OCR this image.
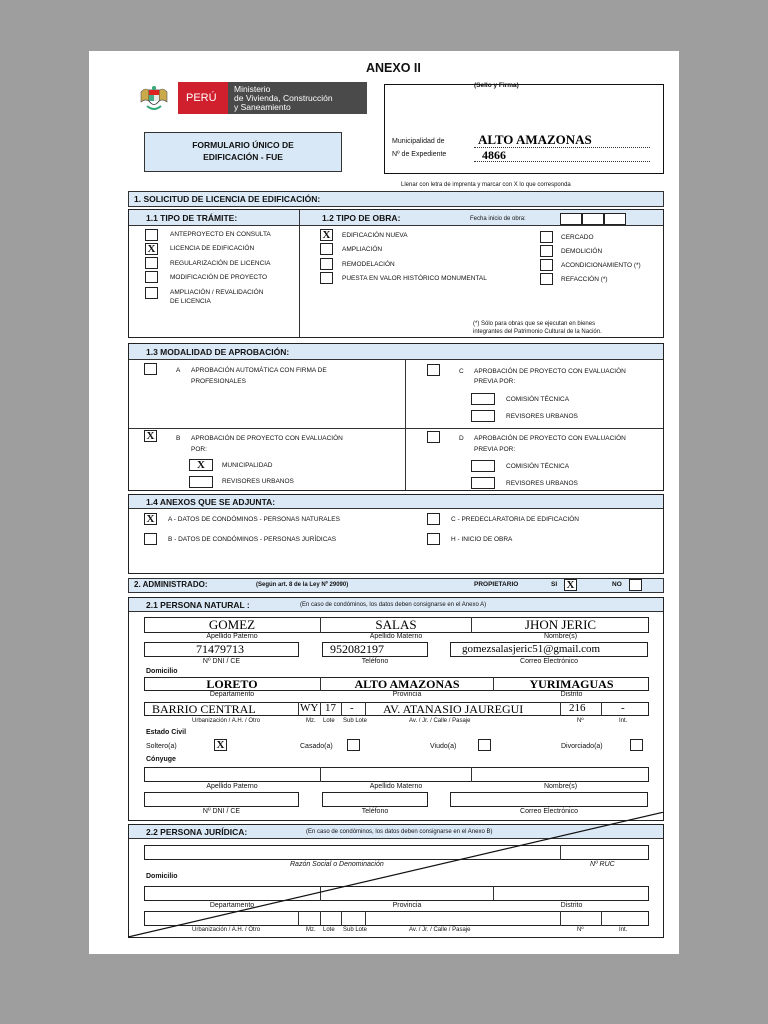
ANEXO II
PERÚ
Ministerio
de Vivienda, Construcción
y Saneamiento
(Sello y Firma)
FORMULARIO ÚNICO DE
EDIFICACIÓN - FUE
Municipalidad de	ALTO AMAZONAS
Nº de Expediente	4866
Llenar con letra de imprenta y marcar con X lo que corresponda
1. SOLICITUD DE LICENCIA DE EDIFICACIÓN:
1.1 TIPO DE TRÁMITE:	1.2 TIPO DE OBRA:	Fecha inicio de obra:
ANTEPROYECTO EN CONSULTA
X	LICENCIA DE EDIFICACIÓN
REGULARIZACIÓN DE LICENCIA
MODIFICACIÓN DE PROYECTO
AMPLIACIÓN / REVALIDACIÓN
DE LICENCIA
X	EDIFICACIÓN NUEVA
AMPLIACIÓN
REMODELACIÓN
PUESTA EN VALOR HISTÓRICO MONUMENTAL
CERCADO
DEMOLICIÓN
ACONDICIONAMIENTO (*)
REFACCIÓN (*)
(*) Sólo para obras que se ejecutan en bienes
integrantes del Patrimonio Cultural de la Nación.
1.3 MODALIDAD DE APROBACIÓN:
A APROBACIÓN AUTOMÁTICA CON FIRMA DE
PROFESIONALES
C APROBACIÓN DE PROYECTO CON EVALUACIÓN
PREVIA POR:
COMISIÓN TÉCNICA
REVISORES URBANOS
X	B APROBACIÓN DE PROYECTO CON EVALUACIÓN
POR:
X	MUNICIPALIDAD
REVISORES URBANOS
D APROBACIÓN DE PROYECTO CON EVALUACIÓN
PREVIA POR:
COMISIÓN TÉCNICA
REVISORES URBANOS
1.4 ANEXOS QUE SE ADJUNTA:
X	A - DATOS DE CONDÓMINOS - PERSONAS NATURALES
B - DATOS DE CONDÓMINOS - PERSONAS JURÍDICAS
C - PREDECLARATORIA DE EDIFICACIÓN
H - INICIO DE OBRA
2. ADMINISTRADO:	(Según art. 8 de la Ley Nº 29090)	PROPIETARIO	SI X	NO
2.1 PERSONA NATURAL :	(En caso de condóminos, los datos deben consignarse en el Anexo A)
GOMEZ	SALAS	JHON JERIC
Apellido Paterno	Apellido Materno	Nombre(s)
71479713	952082197	gomezsalasjeric51@gmail.com
Nº DNI / CE	Teléfono	Correo Electrónico
Domicilio
LORETO	ALTO AMAZONAS	YURIMAGUAS
Departamento	Provincia	Distrito
BARRIO CENTRAL	WY 17 - AV. ATANASIO JAUREGUI	216	-
Urbanización / A.H. / Otro	Mz. Lote Sub Lote	Av. / Jr. / Calle / Pasaje	Nº	Int.
Estado Civil
Soltero(a)	X	Casado(a)	Viudo(a)	Divorciado(a)
Cónyuge
Apellido Paterno	Apellido Materno	Nombre(s)
Nº DNI / CE	Teléfono	Correo Electrónico
2.2 PERSONA JURÍDICA:	(En caso de condóminos, los datos deben consignarse en el Anexo B)
Razón Social o Denominación	Nº RUC
Domicilio
Departamento	Provincia	Distrito
Urbanización / A.H. / Otro	Mz. Lote Sub Lote	Av. / Jr. / Calle / Pasaje	Nº	Int.
